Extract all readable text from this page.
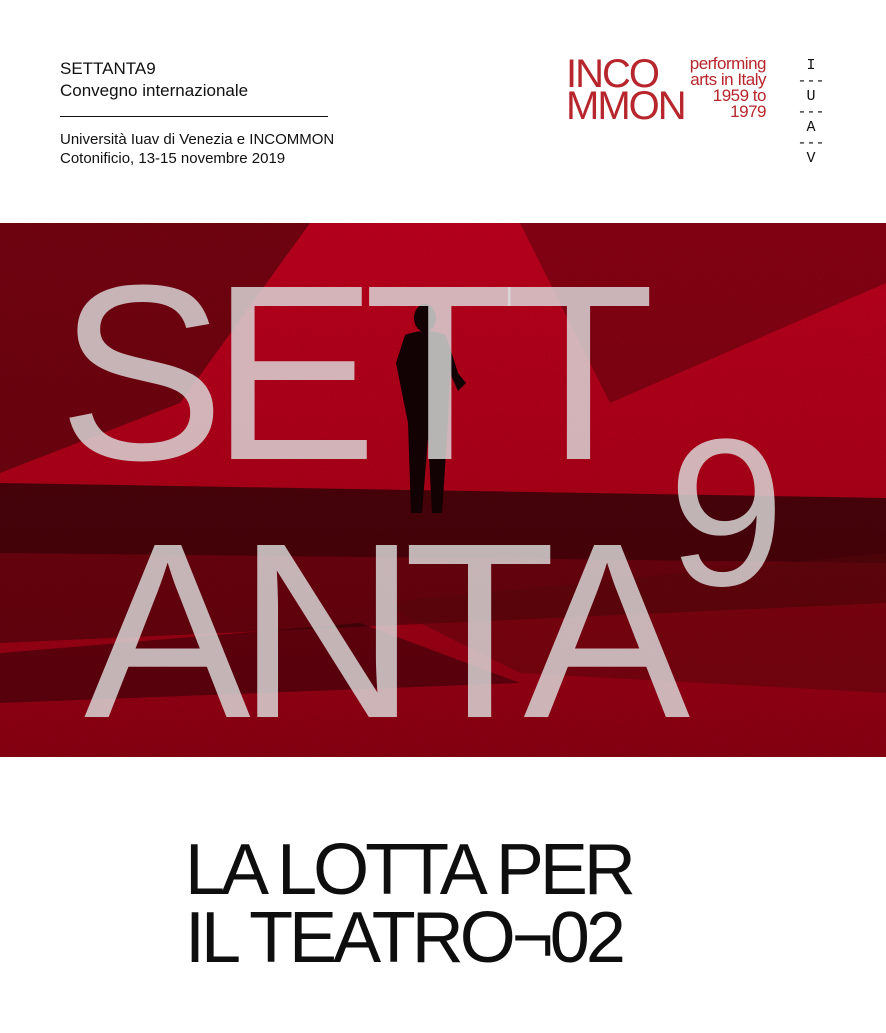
SETTANTA9
Convegno internazionale
Università Iuav di Venezia e INCOMMON
Cotonificio, 13-15 novembre 2019
INCO
MMON
performing
arts in Italy
1959 to
1979
I
---
U
---
A
---
V
SETT
9
ANTA
LA LOTTA PER
IL TEATRO¬02
